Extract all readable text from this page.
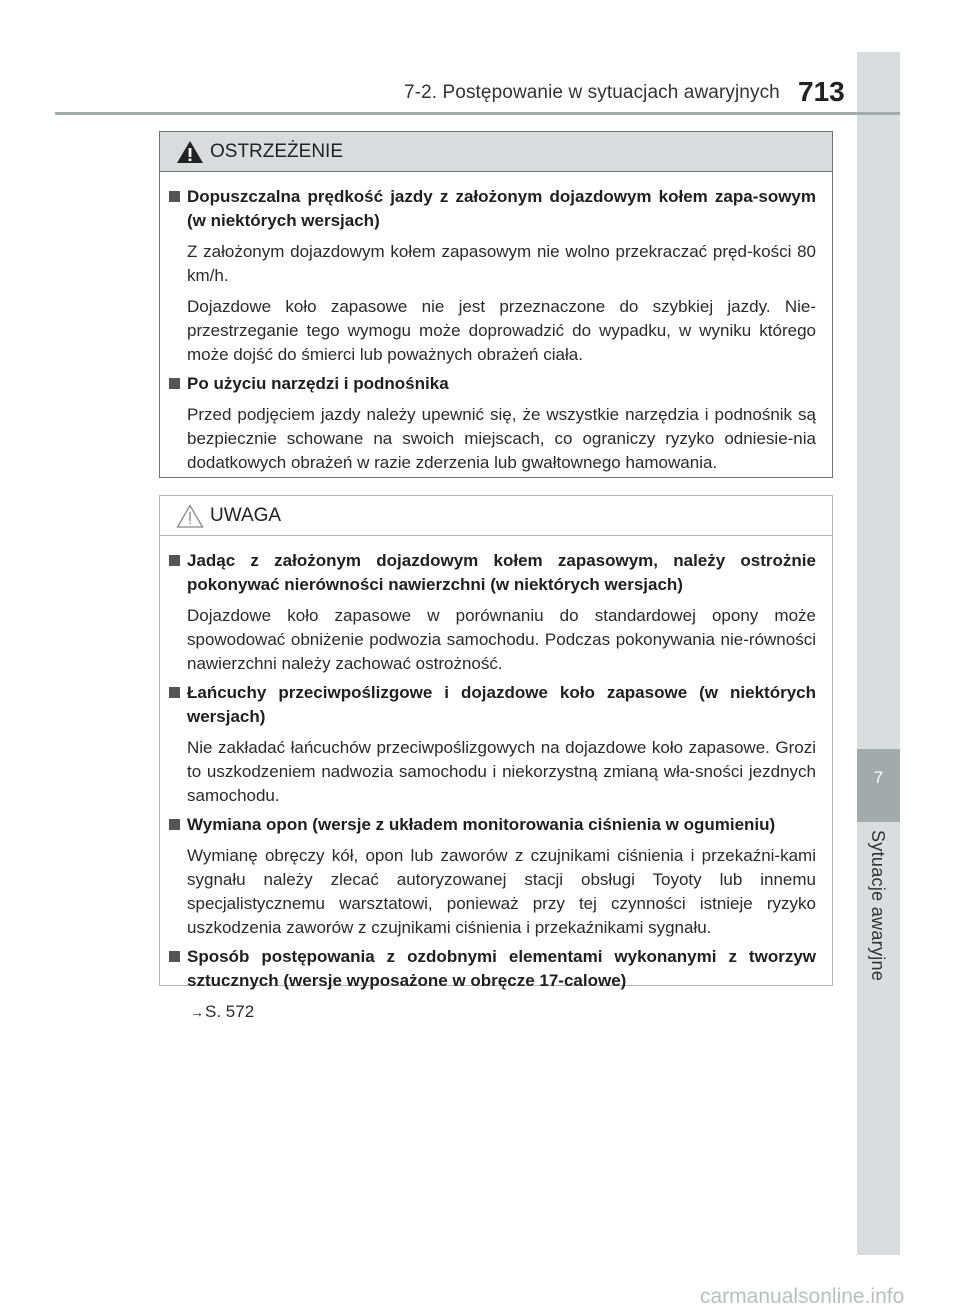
7
Sytuacje awaryjne
7-2. Postępowanie w sytuacjach awaryjnych 713
OSTRZEŻENIE
Dopuszczalna prędkość jazdy z założonym dojazdowym kołem zapa-sowym (w niektórych wersjach)
Z założonym dojazdowym kołem zapasowym nie wolno przekraczać pręd-kości 80 km/h.
Dojazdowe koło zapasowe nie jest przeznaczone do szybkiej jazdy. Nie-przestrzeganie tego wymogu może doprowadzić do wypadku, w wyniku którego może dojść do śmierci lub poważnych obrażeń ciała.
Po użyciu narzędzi i podnośnika
Przed podjęciem jazdy należy upewnić się, że wszystkie narzędzia i podnośnik są bezpiecznie schowane na swoich miejscach, co ograniczy ryzyko odniesie-nia dodatkowych obrażeń w razie zderzenia lub gwałtownego hamowania.
UWAGA
Jadąc z założonym dojazdowym kołem zapasowym, należy ostrożnie pokonywać nierówności nawierzchni (w niektórych wersjach)
Dojazdowe koło zapasowe w porównaniu do standardowej opony może spowodować obniżenie podwozia samochodu. Podczas pokonywania nie-równości nawierzchni należy zachować ostrożność.
Łańcuchy przeciwpoślizgowe i dojazdowe koło zapasowe (w niektórych wersjach)
Nie zakładać łańcuchów przeciwpoślizgowych na dojazdowe koło zapasowe. Grozi to uszkodzeniem nadwozia samochodu i niekorzystną zmianą wła-sności jezdnych samochodu.
Wymiana opon (wersje z układem monitorowania ciśnienia w ogumieniu)
Wymianę obręczy kół, opon lub zaworów z czujnikami ciśnienia i przekaźni-kami sygnału należy zlecać autoryzowanej stacji obsługi Toyoty lub innemu specjalistycznemu warsztatowi, ponieważ przy tej czynności istnieje ryzyko uszkodzenia zaworów z czujnikami ciśnienia i przekaźnikami sygnału.
Sposób postępowania z ozdobnymi elementami wykonanymi z tworzyw sztucznych (wersje wyposażone w obręcze 17-calowe)
→S. 572
carmanualsonline.info
